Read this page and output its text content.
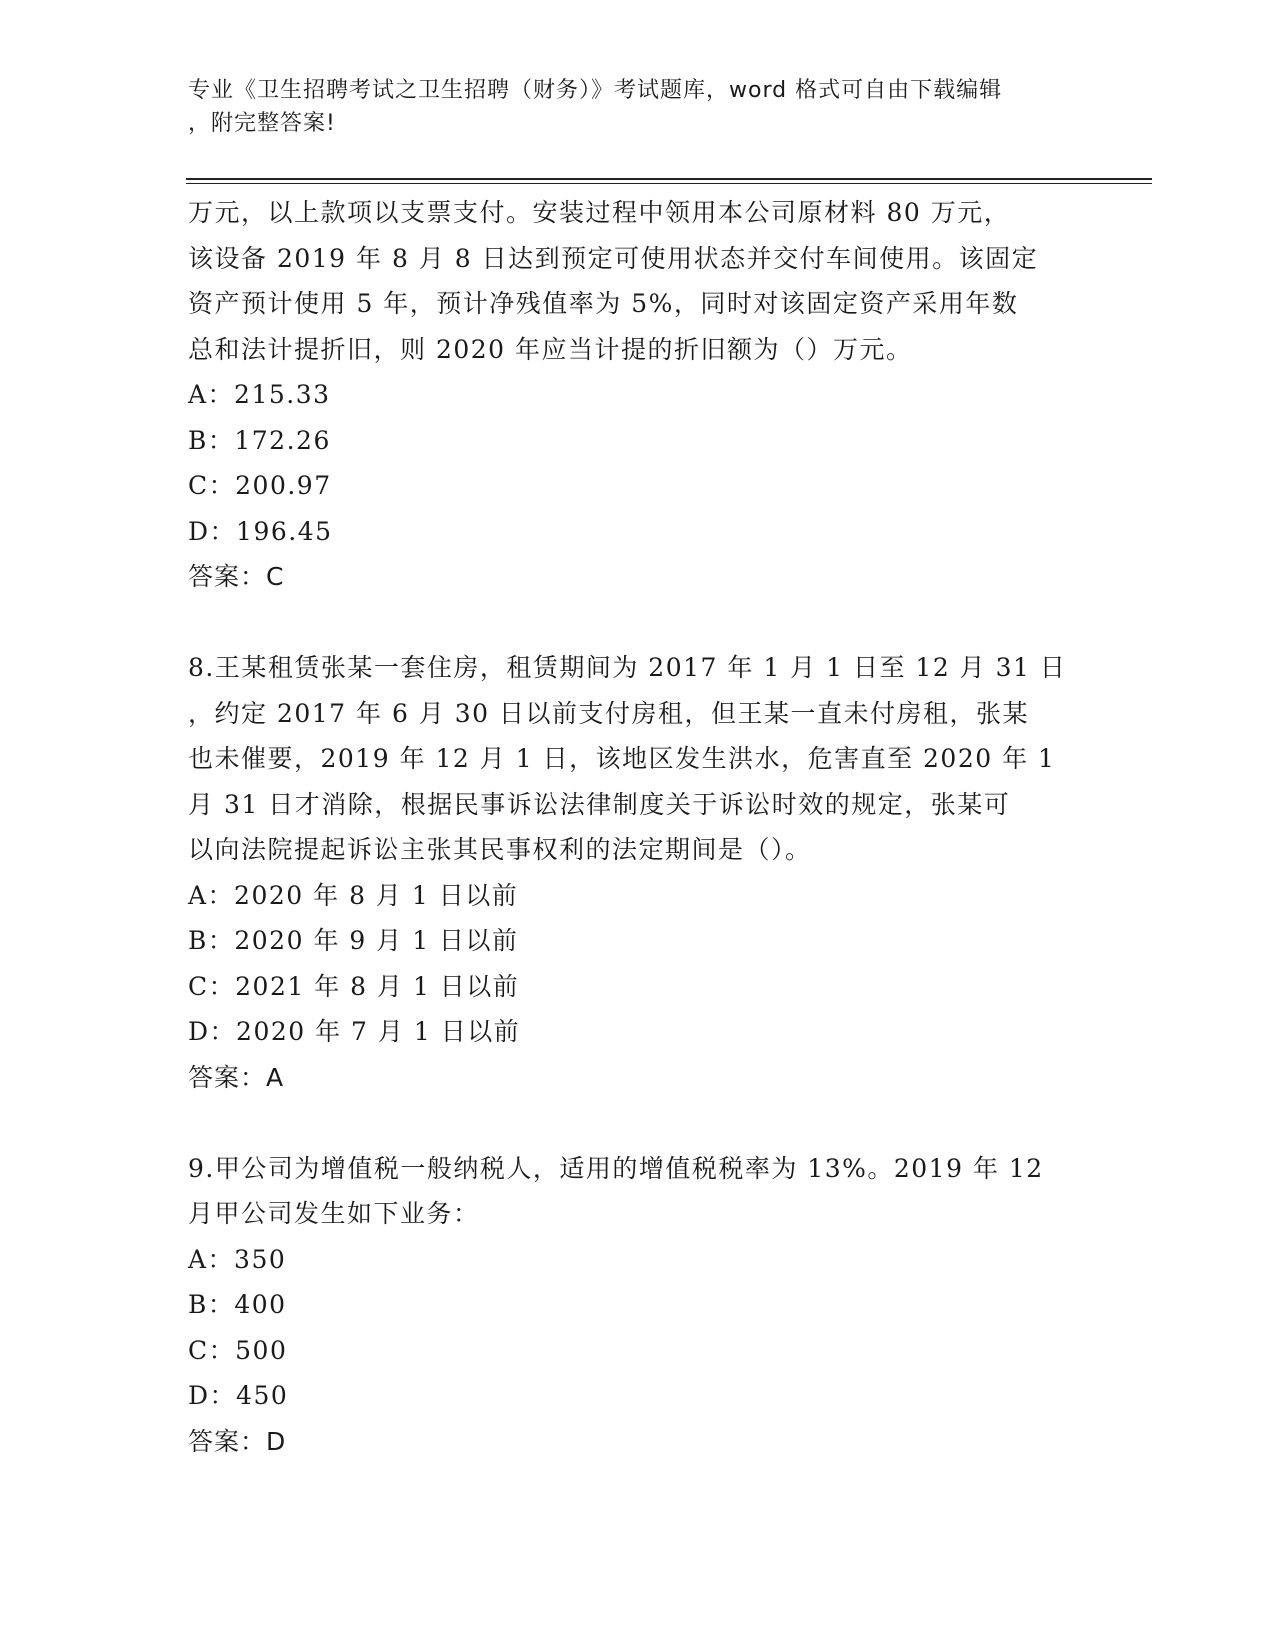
专业《卫生招聘考试之卫生招聘（财务）》考试题库，word 格式可自由下载编辑
，附完整答案!
万元，以上款项以支票支付。安装过程中领用本公司原材料 80 万元，
该设备 2019 年 8 月 8 日达到预定可使用状态并交付车间使用。该固定
资产预计使用 5 年，预计净残值率为 5%，同时对该固定资产采用年数
总和法计提折旧，则 2020 年应当计提的折旧额为（）万元。
A：215.33
B：172.26
C：200.97
D：196.45
答案：C
8.王某租赁张某一套住房，租赁期间为 2017 年 1 月 1 日至 12 月 31 日
，约定 2017 年 6 月 30 日以前支付房租，但王某一直未付房租，张某
也未催要，2019 年 12 月 1 日，该地区发生洪水，危害直至 2020 年 1
月 31 日才消除，根据民事诉讼法律制度关于诉讼时效的规定，张某可
以向法院提起诉讼主张其民事权利的法定期间是（）。
A：2020 年 8 月 1 日以前
B：2020 年 9 月 1 日以前
C：2021 年 8 月 1 日以前
D：2020 年 7 月 1 日以前
答案：A
9.甲公司为增值税一般纳税人，适用的增值税税率为 13%。2019 年 12
月甲公司发生如下业务：
A：350
B：400
C：500
D：450
答案：D
